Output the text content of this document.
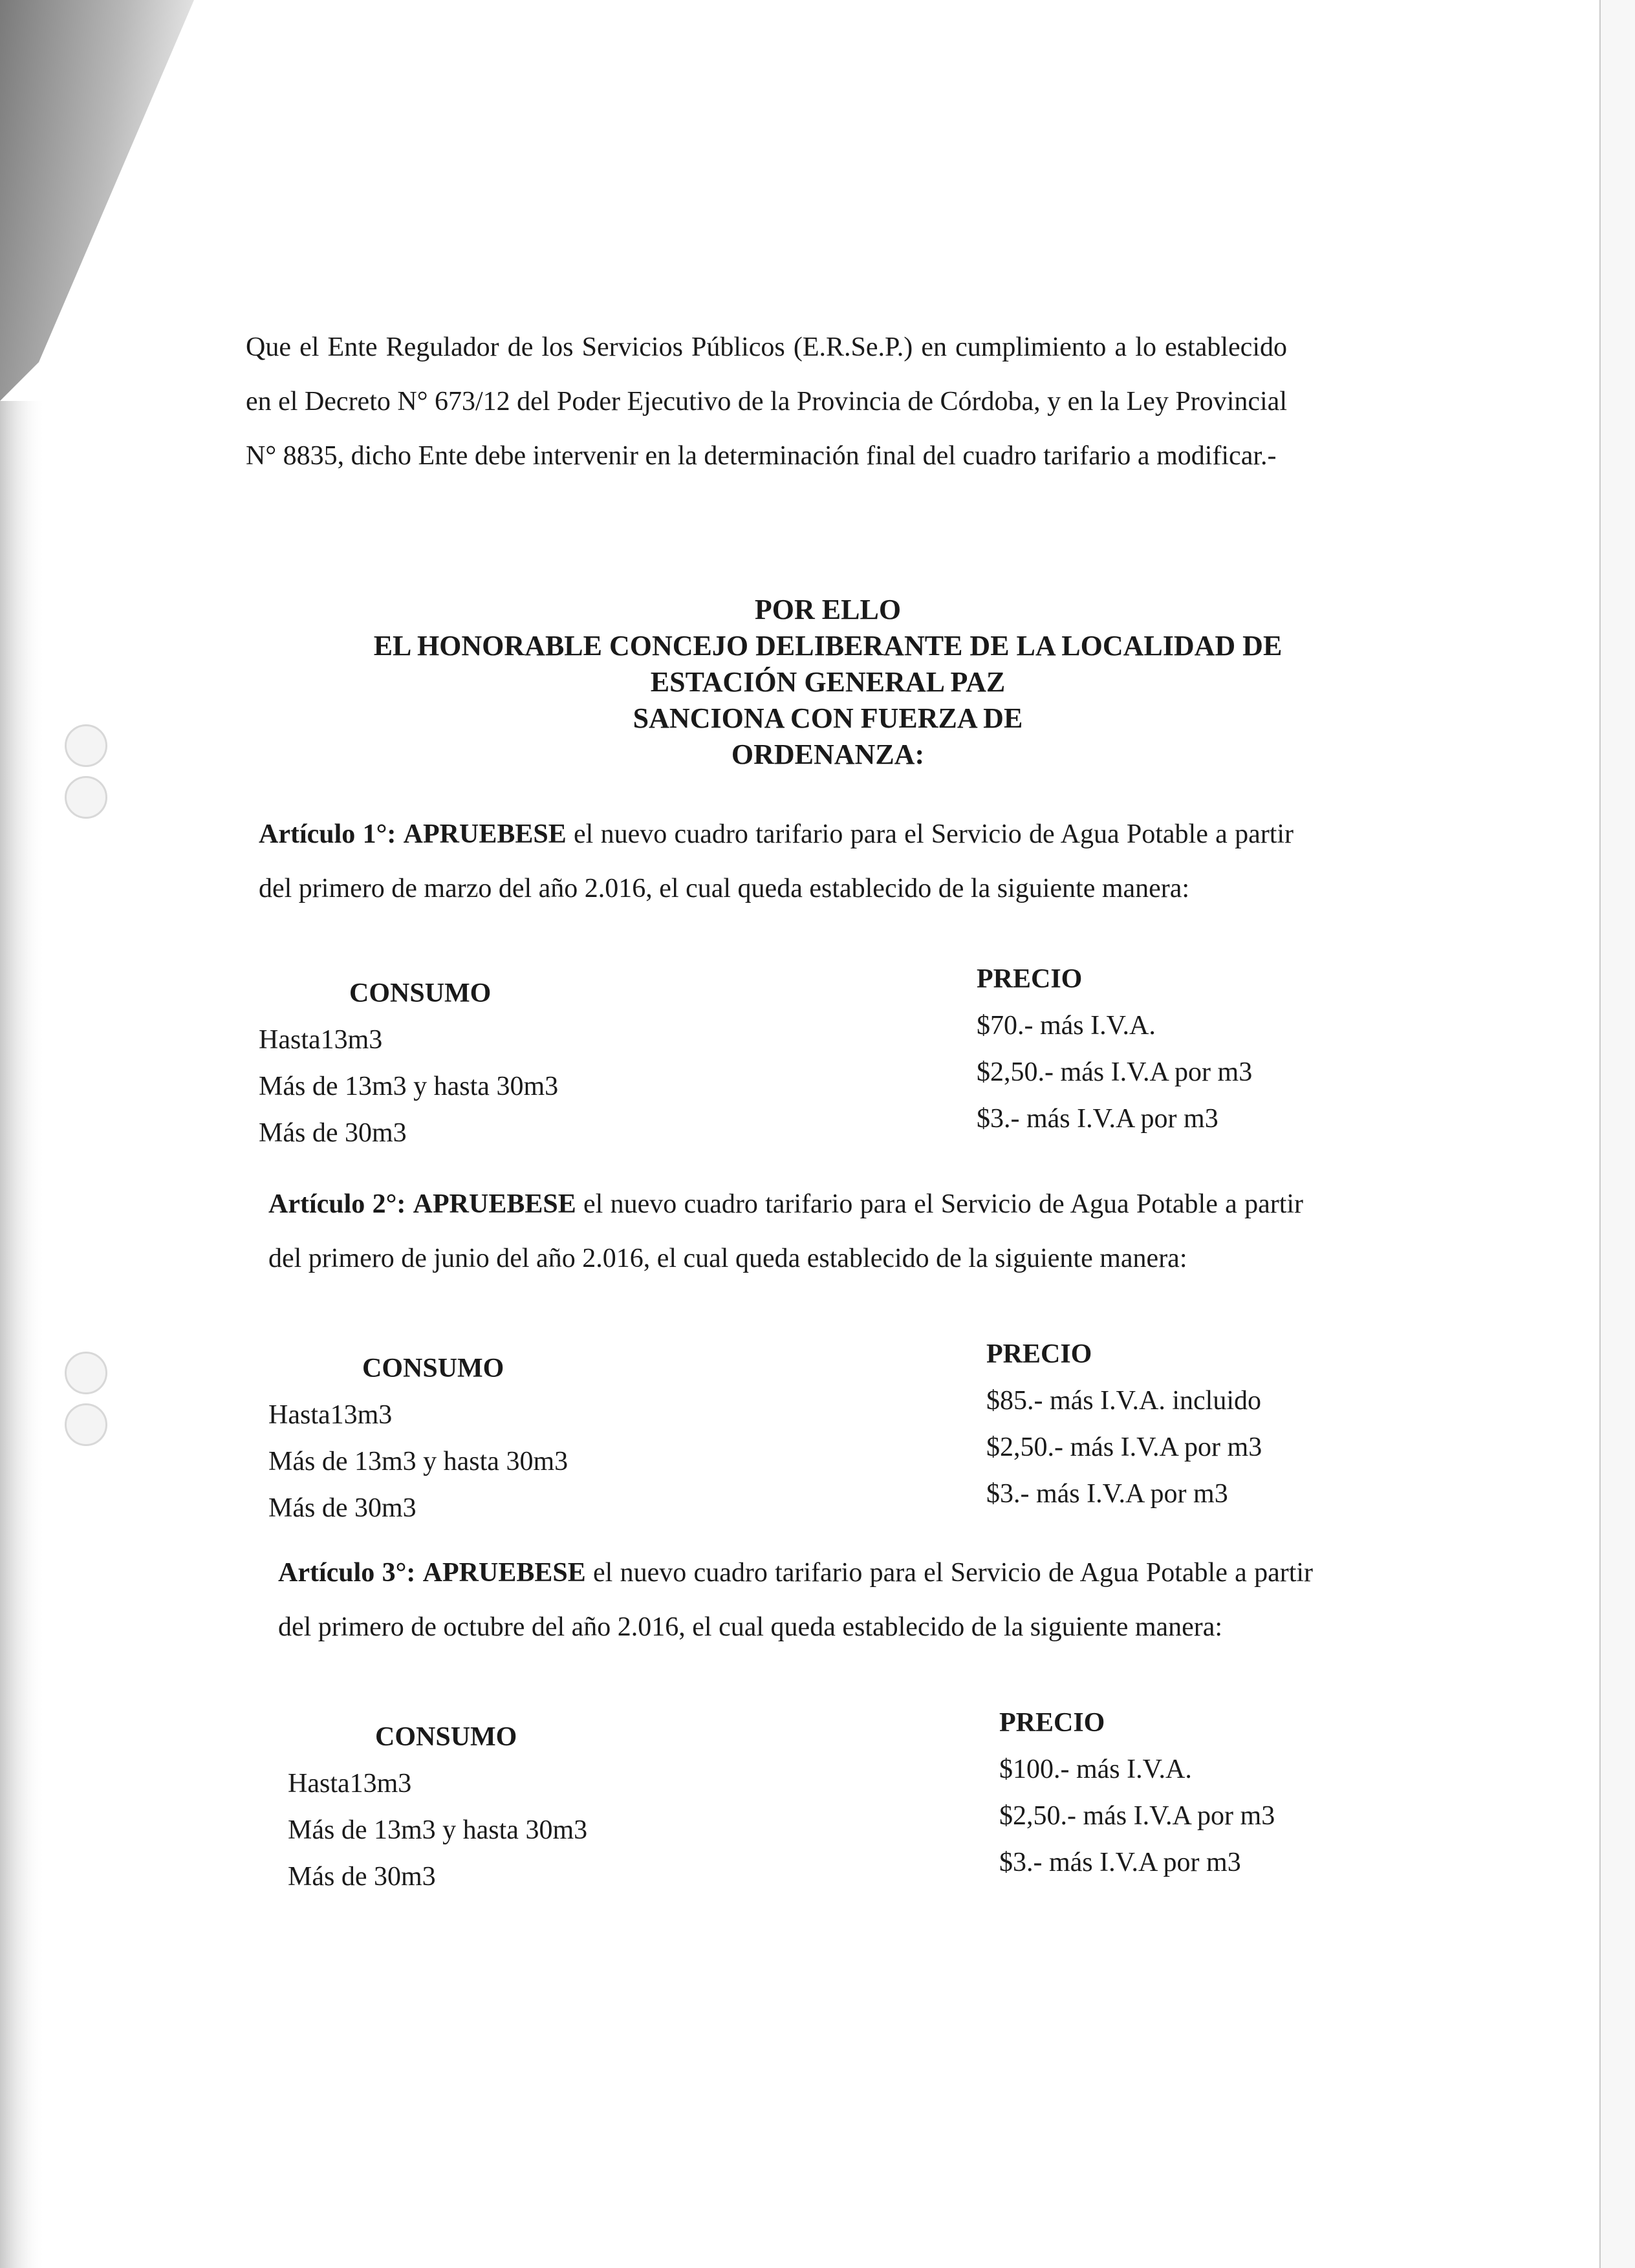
Que el Ente Regulador de los Servicios Públicos (E.R.Se.P.) en cumplimiento a lo establecido en el Decreto N° 673/12 del Poder Ejecutivo de la Provincia de Córdoba, y en la Ley Provincial N° 8835, dicho Ente debe intervenir en la determinación final del cuadro tarifario a modificar.-

POR ELLO
EL HONORABLE CONCEJO DELIBERANTE DE LA LOCALIDAD DE
ESTACIÓN GENERAL PAZ
SANCIONA CON FUERZA DE
ORDENANZA:

Artículo 1°: APRUEBESE el nuevo cuadro tarifario para el Servicio de Agua Potable a partir del primero de marzo del año 2.016, el cual queda establecido de la siguiente manera:

CONSUMO
Hasta13m3
Más de 13m3 y hasta 30m3
Más de 30m3
PRECIO
$70.- más I.V.A.
$2,50.- más I.V.A por m3
$3.- más I.V.A por m3

Artículo 2°: APRUEBESE el nuevo cuadro tarifario para el Servicio de Agua Potable a partir del primero de junio del año 2.016, el cual queda establecido de la siguiente manera:

CONSUMO
Hasta13m3
Más de 13m3 y hasta 30m3
Más de 30m3
PRECIO
$85.- más I.V.A. incluido
$2,50.- más I.V.A por m3
$3.- más I.V.A por m3

Artículo 3°: APRUEBESE el nuevo cuadro tarifario para el Servicio de Agua Potable a partir del primero de octubre del año 2.016, el cual queda establecido de la siguiente manera:

CONSUMO
Hasta13m3
Más de 13m3 y hasta 30m3
Más de 30m3
PRECIO
$100.- más I.V.A.
$2,50.- más I.V.A por m3
$3.- más I.V.A por m3
